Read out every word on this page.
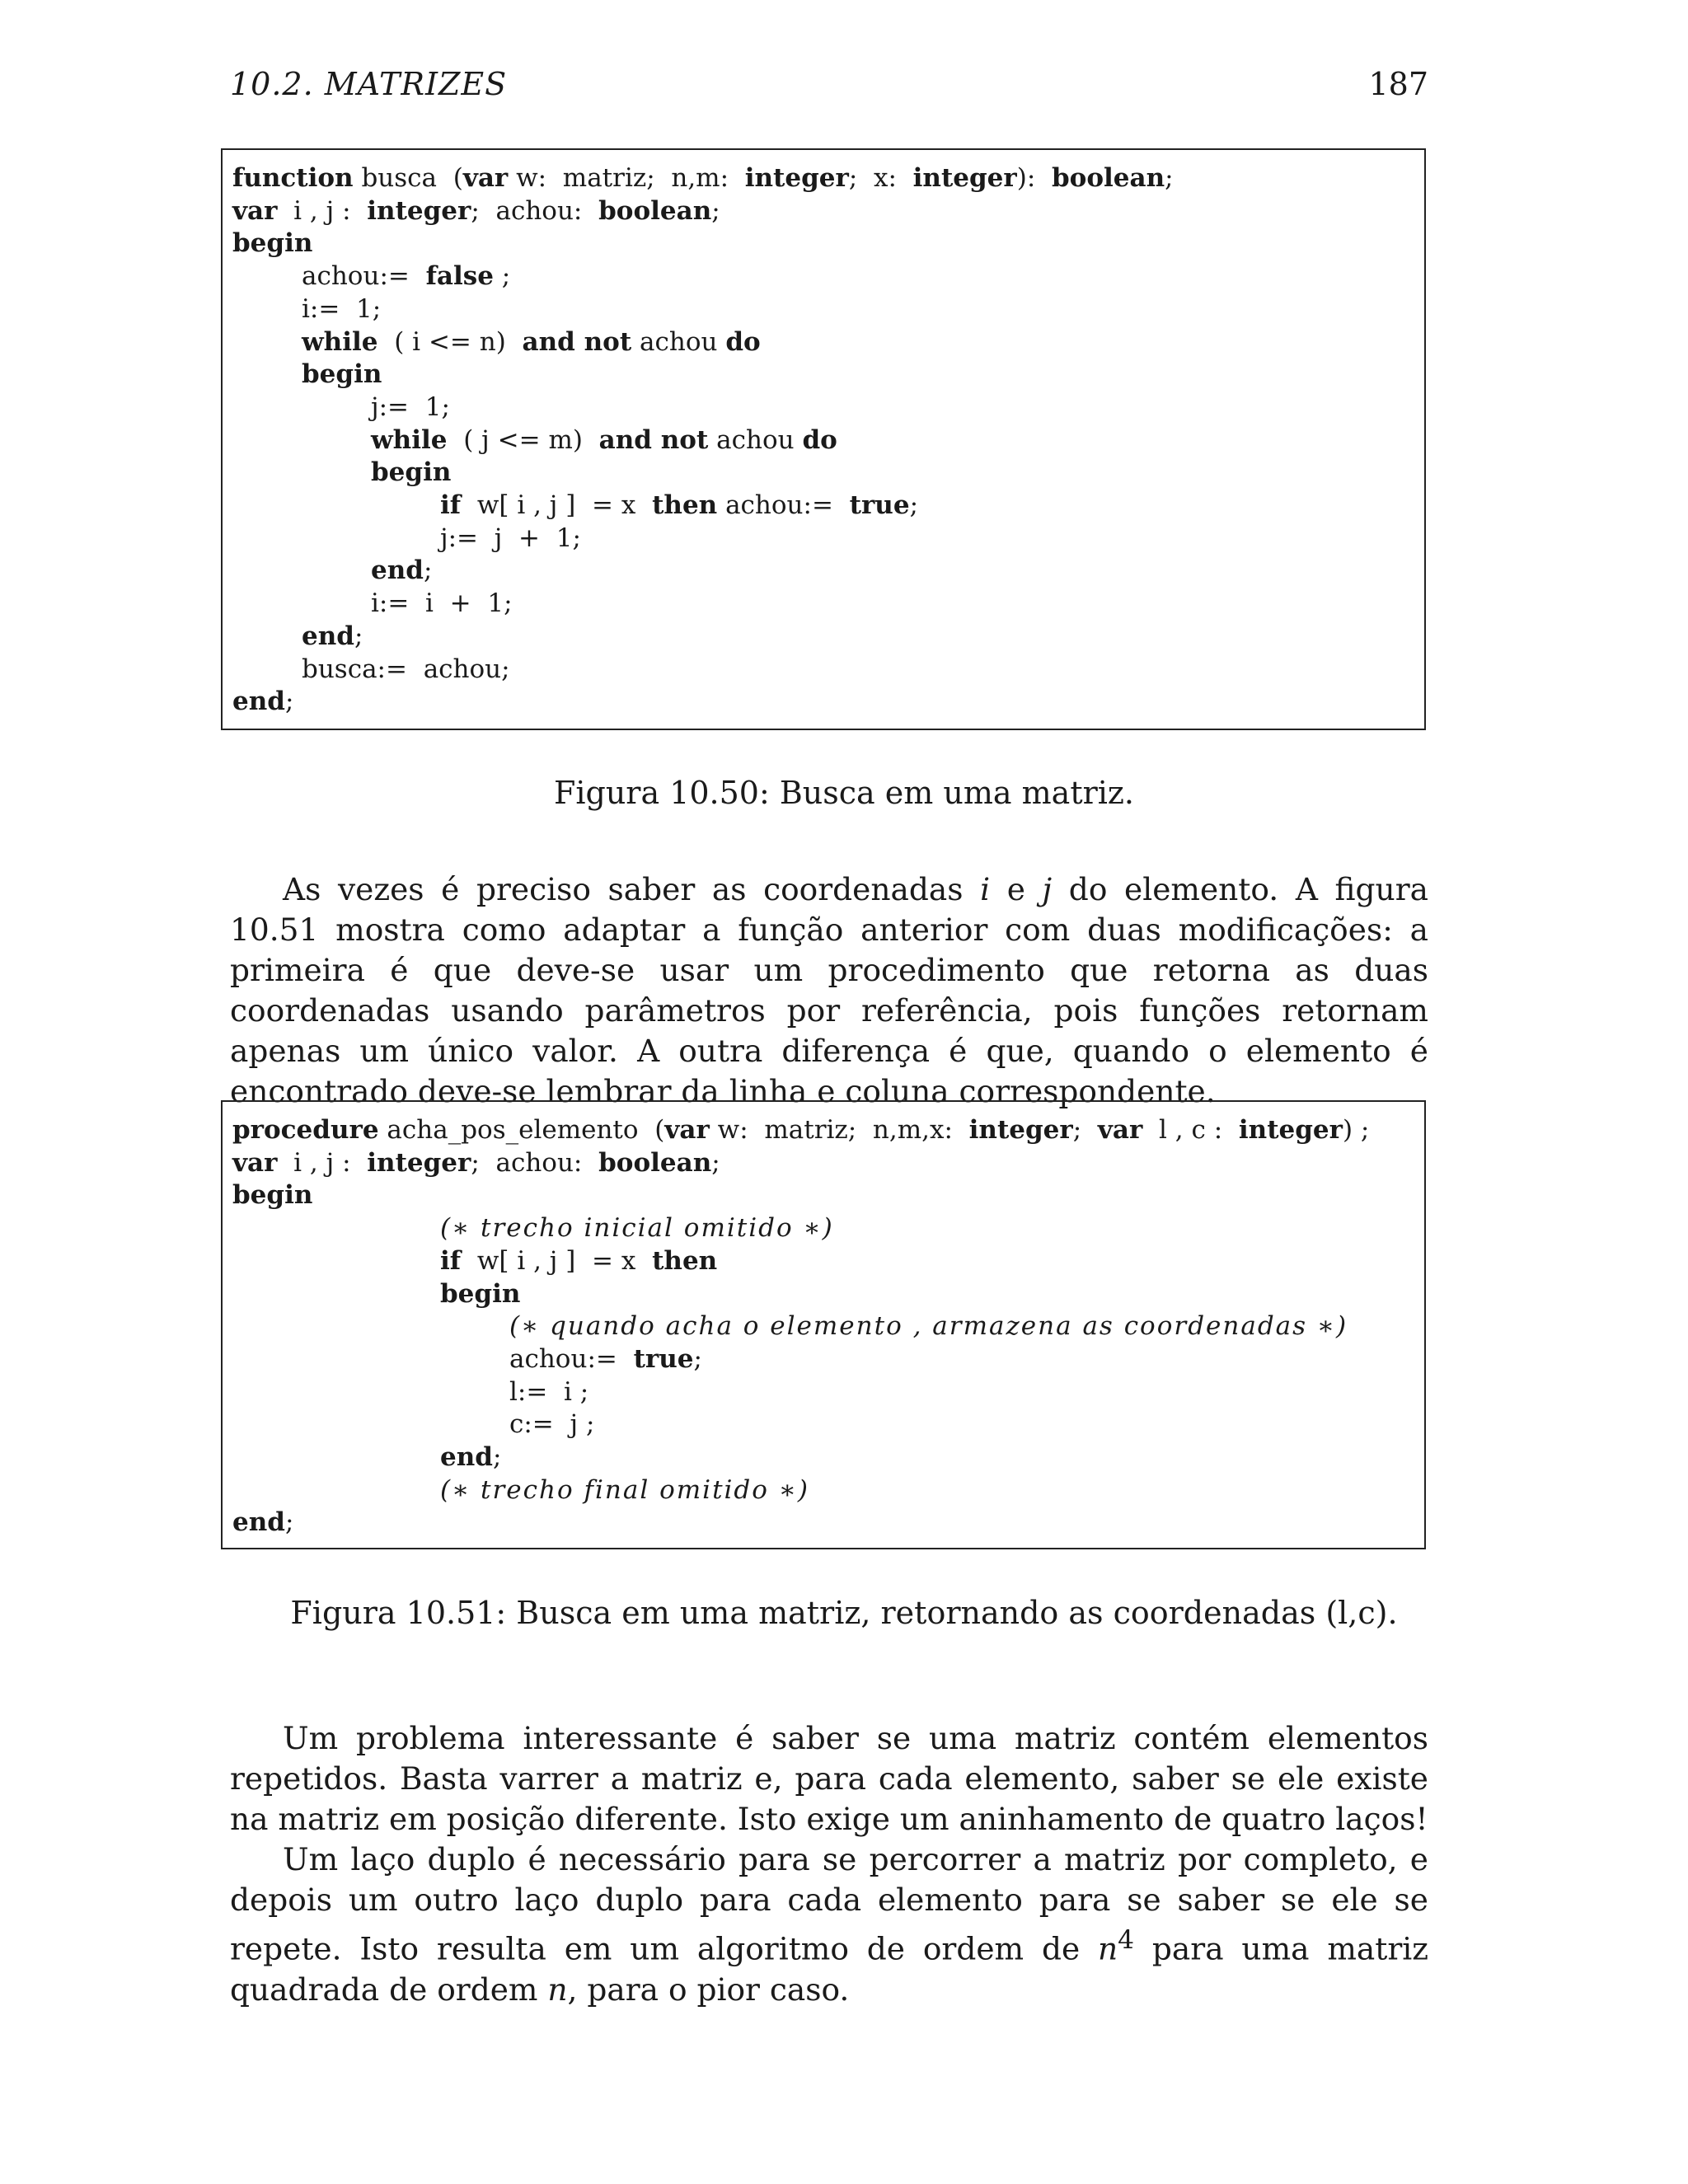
10.2. MATRIZES	187
function busca  (var w:  matriz;  n,m:  integer;  x:  integer):  boolean;
var  i , j :  integer;  achou:  boolean;
begin
achou:=  false ;
i:=  1;
while  ( i <= n)  and not achou do
begin
j:=  1;
while  ( j <= m)  and not achou do
begin
if  w[ i , j ]  = x  then achou:=  true;
j:=  j  +  1;
end;
i:=  i  +  1;
end;
busca:=  achou;
end;
Figura 10.50: Busca em uma matriz.

As vezes é preciso saber as coordenadas i e j do elemento. A figura 10.51 mostra como adaptar a função anterior com duas modificações: a primeira é que deve-se usar um procedimento que retorna as duas coordenadas usando parâmetros por referência, pois funções retornam apenas um único valor. A outra diferença é que, quando o elemento é encontrado deve-se lembrar da linha e coluna correspondente.

procedure acha_pos_elemento  (var w:  matriz;  n,m,x:  integer;  var  l , c :  integer) ;
var  i , j :  integer;  achou:  boolean;
begin
(∗ trecho inicial omitido ∗)
if  w[ i , j ]  = x  then
begin
(∗ quando acha o elemento , armazena as coordenadas ∗)
achou:=  true;
l:=  i ;
c:=  j ;
end;
(∗ trecho final omitido ∗)
end;
Figura 10.51: Busca em uma matriz, retornando as coordenadas (l,c).

Um problema interessante é saber se uma matriz contém elementos repetidos. Basta varrer a matriz e, para cada elemento, saber se ele existe na matriz em posição diferente. Isto exige um aninhamento de quatro laços!

Um laço duplo é necessário para se percorrer a matriz por completo, e depois um outro laço duplo para cada elemento para se saber se ele se repete. Isto resulta em um algoritmo de ordem de $n^4$ para uma matriz quadrada de ordem n, para o pior caso.
